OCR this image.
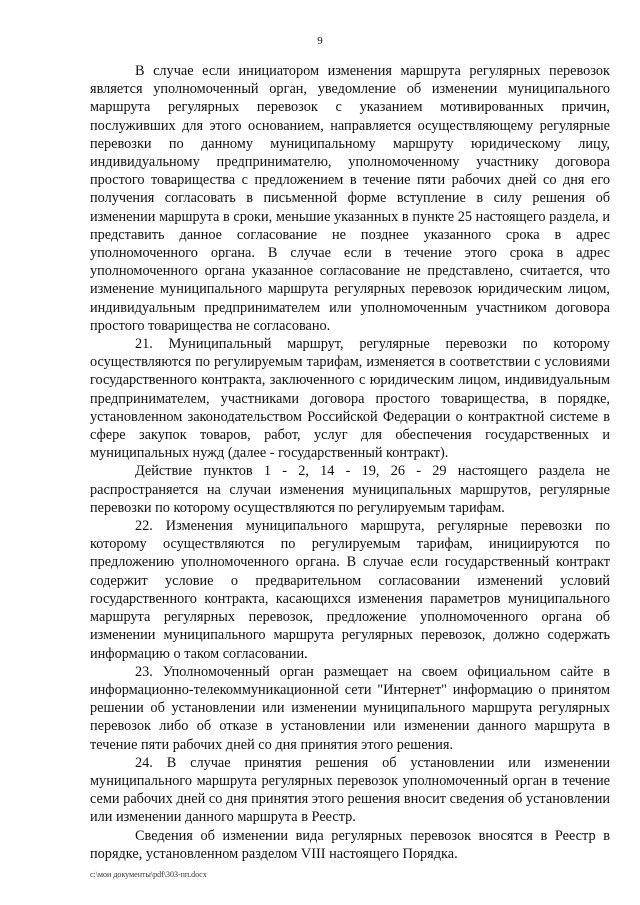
9

В случае если инициатором изменения маршрута регулярных перевозок является уполномоченный орган, уведомление об изменении муниципального маршрута регулярных перевозок с указанием мотивированных причин, послуживших для этого основанием, направляется осуществляющему регулярные перевозки по данному муниципальному маршруту юридическому лицу, индивидуальному предпринимателю, уполномоченному участнику договора простого товарищества с предложением в течение пяти рабочих дней со дня его получения согласовать в письменной форме вступление в силу решения об изменении маршрута в сроки, меньшие указанных в пункте 25 настоящего раздела, и представить данное согласование не позднее указанного срока в адрес уполномоченного органа. В случае если в течение этого срока в адрес уполномоченного органа указанное согласование не представлено, считается, что изменение муниципального маршрута регулярных перевозок юридическим лицом, индивидуальным предпринимателем или уполномоченным участником договора простого товарищества не согласовано.

21. Муниципальный маршрут, регулярные перевозки по которому осуществляются по регулируемым тарифам, изменяется в соответствии с условиями государственного контракта, заключенного с юридическим лицом, индивидуальным предпринимателем, участниками договора простого товарищества, в порядке, установленном законодательством Российской Федерации о контрактной системе в сфере закупок товаров, работ, услуг для обеспечения государственных и муниципальных нужд (далее - государственный контракт).

Действие пунктов 1 - 2, 14 - 19, 26 - 29 настоящего раздела не распространяется на случаи изменения муниципальных маршрутов, регулярные перевозки по которому осуществляются по регулируемым тарифам.

22. Изменения муниципального маршрута, регулярные перевозки по которому осуществляются по регулируемым тарифам, инициируются по предложению уполномоченного органа. В случае если государственный контракт содержит условие о предварительном согласовании изменений условий государственного контракта, касающихся изменения параметров муниципального маршрута регулярных перевозок, предложение уполномоченного органа об изменении муниципального маршрута регулярных перевозок, должно содержать информацию о таком согласовании.

23. Уполномоченный орган размещает на своем официальном сайте в информационно-телекоммуникационной сети "Интернет" информацию о принятом решении об установлении или изменении муниципального маршрута регулярных перевозок либо об отказе в установлении или изменении данного маршрута в течение пяти рабочих дней со дня принятия этого решения.

24. В случае принятия решения об установлении или изменении муниципального маршрута регулярных перевозок уполномоченный орган в течение семи рабочих дней со дня принятия этого решения вносит сведения об установлении или изменении данного маршрута в Реестр.

Сведения об изменении вида регулярных перевозок вносятся в Реестр в порядке, установленном разделом VIII настоящего Порядка.

c:\мои документы\pdf\303-пп.docx
